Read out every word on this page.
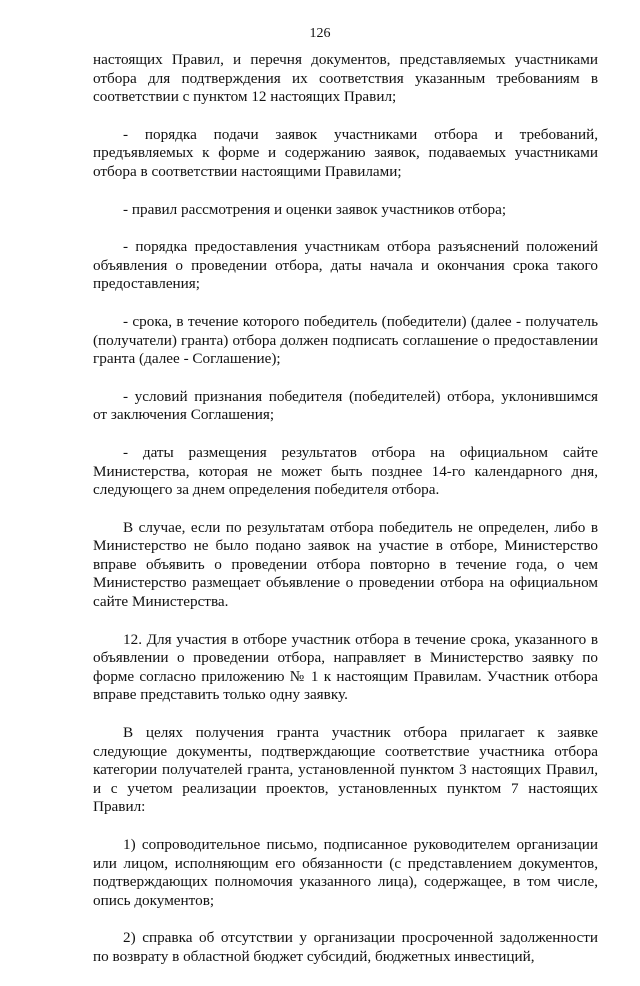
126

настоящих Правил, и перечня документов, представляемых участниками отбора для подтверждения их соответствия указанным требованиям в соответствии с пунктом 12 настоящих Правил;

- порядка подачи заявок участниками отбора и требований, предъявляемых к форме и содержанию заявок, подаваемых участниками отбора в соответствии настоящими Правилами;

- правил рассмотрения и оценки заявок участников отбора;

- порядка предоставления участникам отбора разъяснений положений объявления о проведении отбора, даты начала и окончания срока такого предоставления;

- срока, в течение которого победитель (победители) (далее - получатель (получатели) гранта) отбора должен подписать соглашение о предоставлении гранта (далее - Соглашение);

- условий признания победителя (победителей) отбора, уклонившимся от заключения Соглашения;

- даты размещения результатов отбора на официальном сайте Министерства, которая не может быть позднее 14-го календарного дня, следующего за днем определения победителя отбора.

В случае, если по результатам отбора победитель не определен, либо в Министерство не было подано заявок на участие в отборе, Министерство вправе объявить о проведении отбора повторно в течение года, о чем Министерство размещает объявление о проведении отбора на официальном сайте Министерства.

12. Для участия в отборе участник отбора в течение срока, указанного в объявлении о проведении отбора, направляет в Министерство заявку по форме согласно приложению № 1 к настоящим Правилам. Участник отбора вправе представить только одну заявку.

В целях получения гранта участник отбора прилагает к заявке следующие документы, подтверждающие соответствие участника отбора категории получателей гранта, установленной пунктом 3 настоящих Правил, и с учетом реализации проектов, установленных пунктом 7 настоящих Правил:

1) сопроводительное письмо, подписанное руководителем организации или лицом, исполняющим его обязанности (с представлением документов, подтверждающих полномочия указанного лица), содержащее, в том числе, опись документов;

2) справка об отсутствии у организации просроченной задолженности по возврату в областной бюджет субсидий, бюджетных инвестиций,
